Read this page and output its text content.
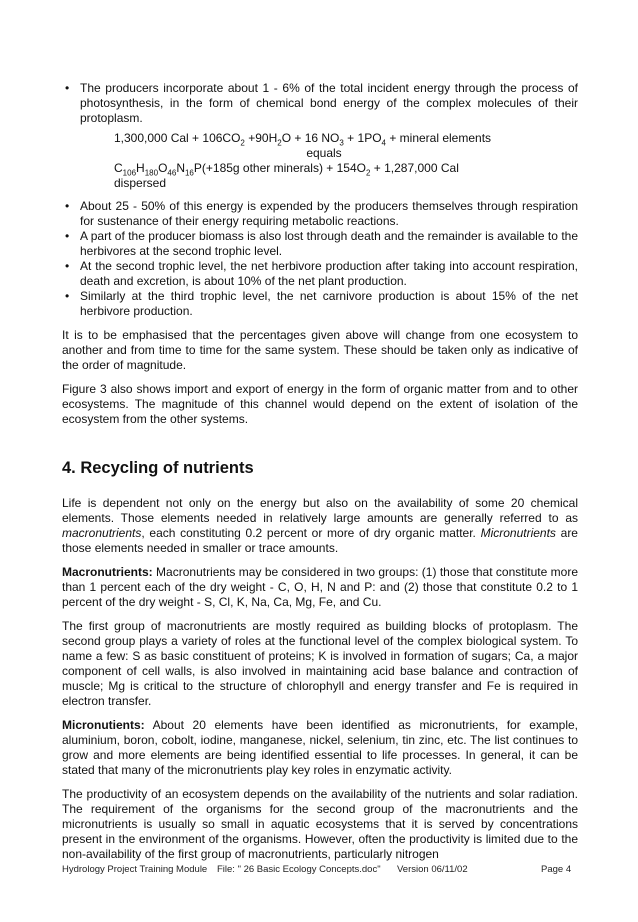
• The producers incorporate about 1 - 6% of the total incident energy through the process of photosynthesis, in the form of chemical bond energy of the complex molecules of their protoplasm.
1,300,000 Cal + $106CO_2 +90H_2O + 16$ $NO_3 + 1PO_4$ + mineral elements
equals
$C_{106}H_{180}O_{46}N_{16}P(+185g$ other minerals) + $154O_2 + 1,287,000$ Cal dispersed
• About 25 - 50% of this energy is expended by the producers themselves through respiration for sustenance of their energy requiring metabolic reactions.
• A part of the producer biomass is also lost through death and the remainder is available to the herbivores at the second trophic level.
• At the second trophic level, the net herbivore production after taking into account respiration, death and excretion, is about 10% of the net plant production.
• Similarly at the third trophic level, the net carnivore production is about 15% of the net herbivore production.
It is to be emphasised that the percentages given above will change from one ecosystem to another and from time to time for the same system. These should be taken only as indicative of the order of magnitude.
Figure 3 also shows import and export of energy in the form of organic matter from and to other ecosystems. The magnitude of this channel would depend on the extent of isolation of the ecosystem from the other systems.
4. Recycling of nutrients
Life is dependent not only on the energy but also on the availability of some 20 chemical elements. Those elements needed in relatively large amounts are generally referred to as macronutrients, each constituting 0.2 percent or more of dry organic matter. Micronutrients are those elements needed in smaller or trace amounts.
Macronutrients: Macronutrients may be considered in two groups: (1) those that constitute more than 1 percent each of the dry weight - C, O, H, N and P: and (2) those that constitute 0.2 to 1 percent of the dry weight - S, Cl, K, Na, Ca, Mg, Fe, and Cu.
The first group of macronutrients are mostly required as building blocks of protoplasm. The second group plays a variety of roles at the functional level of the complex biological system. To name a few: S as basic constituent of proteins; K is involved in formation of sugars; Ca, a major component of cell walls, is also involved in maintaining acid base balance and contraction of muscle; Mg is critical to the structure of chlorophyll and energy transfer and Fe is required in electron transfer.
Micronutients: About 20 elements have been identified as micronutrients, for example, aluminium, boron, cobolt, iodine, manganese, nickel, selenium, tin zinc, etc. The list continues to grow and more elements are being identified essential to life processes. In general, it can be stated that many of the micronutrients play key roles in enzymatic activity.
The productivity of an ecosystem depends on the availability of the nutrients and solar radiation. The requirement of the organisms for the second group of the macronutrients and the micronutrients is usually so small in aquatic ecosystems that it is served by concentrations present in the environment of the organisms. However, often the productivity is limited due to the non-availability of the first group of macronutrients, particularly nitrogen
Hydrology Project Training Module File: " 26 Basic Ecology Concepts.doc" Version 06/11/02	Page 4
